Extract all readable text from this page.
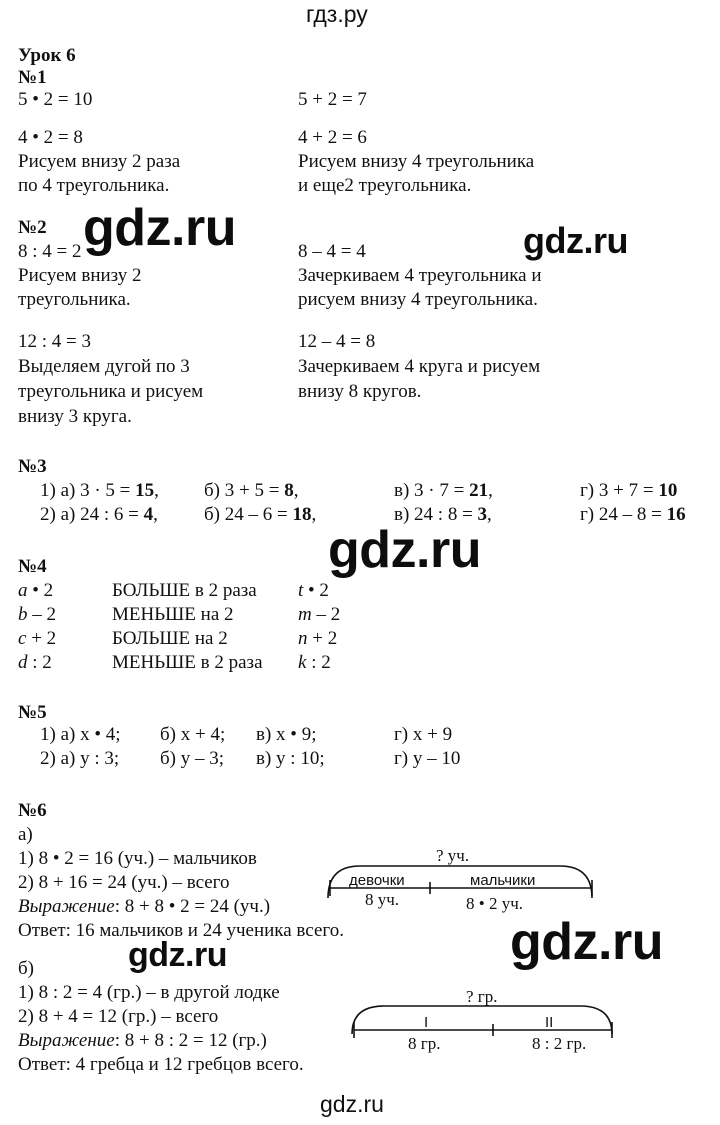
гдз.ру
gdz.ru	gdz.ru
gdz.ru
gdz.ru
gdz.ru
Урок 6
№1
5 • 2 = 10	5 + 2 = 7
4 • 2 = 8	4 + 2 = 6
Рисуем внизу 2 раза	Рисуем внизу 4 треугольника
по 4 треугольника.	и еще2 треугольника.
№2
8 : 4 = 2	8 – 4 = 4
Рисуем внизу 2	Зачеркиваем 4 треугольника и
треугольника.	рисуем внизу 4 треугольника.
12 : 4 = 3	12 – 4 = 8
Выделяем дугой по 3	Зачеркиваем 4 круга и рисуем
треугольника и рисуем	внизу 8 кругов.
внизу 3 круга.
№3
1) а) 3 · 5 = 15, б) 3 + 5 = 8,	в) 3 · 7 = 21,	г) 3 + 7 = 10
2) а) 24 : 6 = 4, б) 24 – 6 = 18,	в) 24 : 8 = 3,	г) 24 – 8 = 16
№4
a • 2	БОЛЬШЕ в 2 раза t • 2
b – 2	МЕНЬШЕ на 2	m – 2
c + 2	БОЛЬШЕ на 2	n + 2
d : 2	МЕНЬШЕ в 2 раза k : 2
№5
1) а) х • 4; б) х + 4; в) х • 9;	г) х + 9
2) а) у : 3; б) у – 3; в) у : 10;	г) у – 10
№6
а)
1) 8 • 2 = 16 (уч.) – мальчиков
2) 8 + 16 = 24 (уч.) – всего
Выражение: 8 + 8 • 2 = 24 (уч.)
Ответ: 16 мальчиков и 24 ученика всего.
б)
1) 8 : 2 = 4 (гр.) – в другой лодке
2) 8 + 4 = 12 (гр.) – всего
Выражение: 8 + 8 : 2 = 12 (гр.)
Ответ: 4 гребца и 12 гребцов всего.
? уч.
девочки	мальчики
8 уч.	8 • 2 уч.
? гр.
I	II
8 гр.	8 : 2 гр.
gdz.ru
